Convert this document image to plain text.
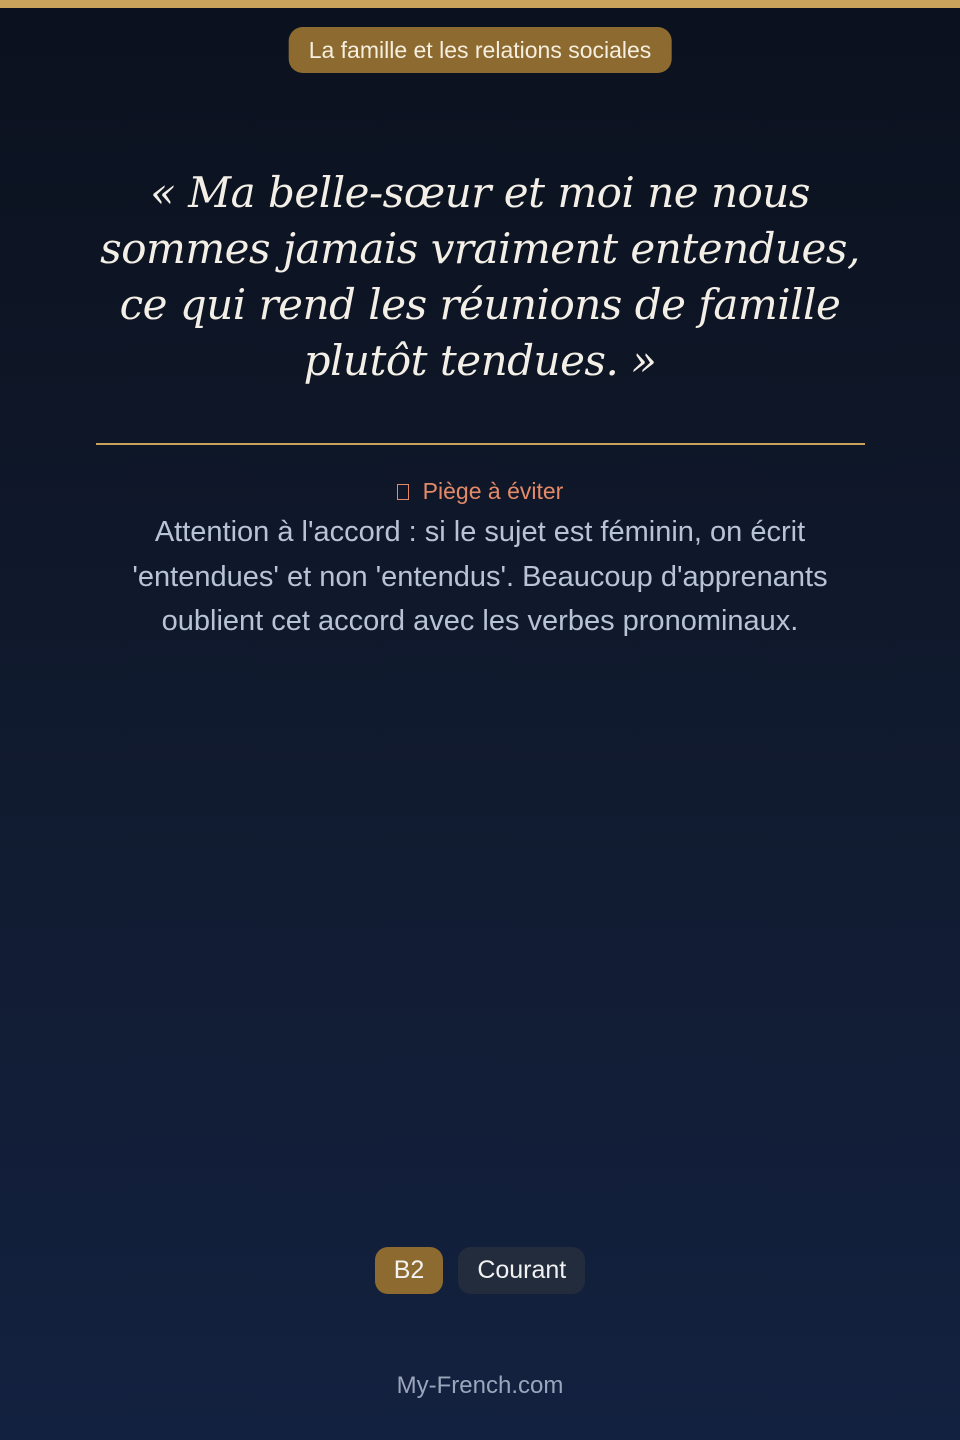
La famille et les relations sociales

« Ma belle-sœur et moi ne nous sommes jamais vraiment entendues, ce qui rend les réunions de famille plutôt tendues. »

Piège à éviter

Attention à l'accord : si le sujet est féminin, on écrit 'entendues' et non 'entendus'. Beaucoup d'apprenants oublient cet accord avec les verbes pronominaux.

B2	Courant
My-French.com
